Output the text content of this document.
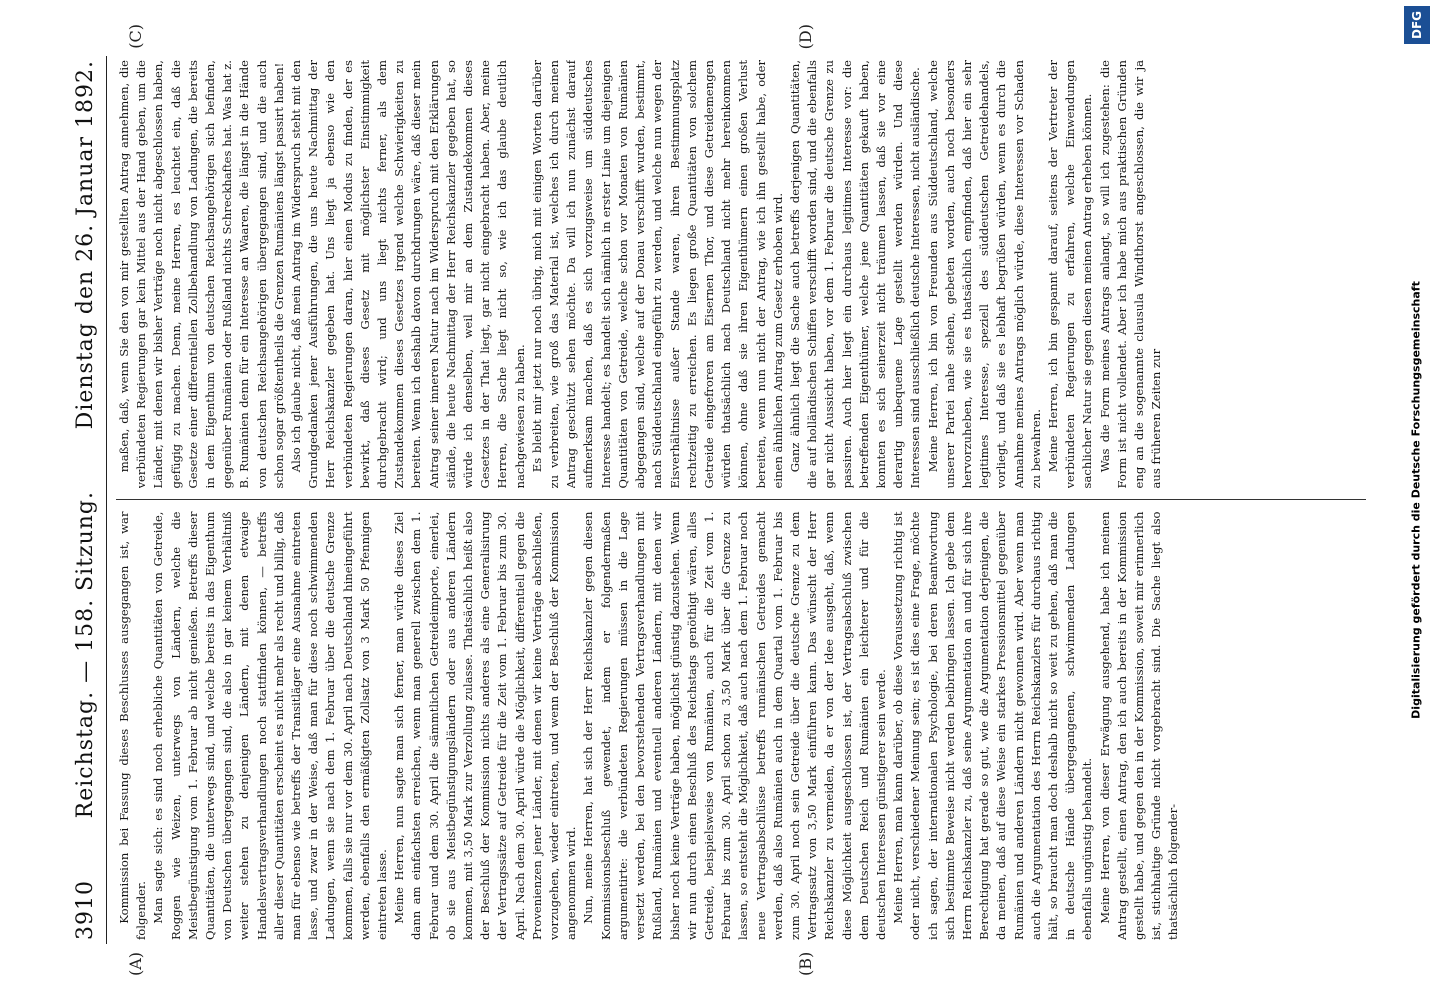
3910
Reichstag. — 158. Sitzung.
Dienstag den 26. Januar 1892.

Kommission bei Fassung dieses Beschlusses ausgegangen ist, war folgender. Man sagte sich: es sind noch erhebliche Quantitäten von Getreide, Roggen wie Weizen, unterwegs von Ländern, welche die Meistbegünstigung vom 1. Februar ab nicht genießen. Betreffs dieser Quantitäten, die unterwegs sind, und welche bereits in das Eigenthum von Deutschen übergegangen sind, die also in gar keinem Verhältniß weiter stehen zu denjenigen Ländern, mit denen etwaige Handelsvertragsverhandlungen noch stattfinden können, — betreffs aller dieser Quantitäten erscheint es nicht mehr als recht und billig, daß man für ebenso wie betreffs der Transitläger eine Ausnahme eintreten lasse, und zwar in der Weise, daß man für diese noch schwimmenden Ladungen, wenn sie nach dem 1. Februar über die deutsche Grenze kommen, falls sie nur vor dem 30. April nach Deutschland hineingeführt werden, ebenfalls den ermäßigten Zollsatz von 3 Mark 50 Pfennigen eintreten lasse. Meine Herren, nun sagte man sich ferner, man würde dieses Ziel dann am einfachsten erreichen, wenn man generell zwischen dem 1. Februar und dem 30. April die sämmtlichen Getreideimporte, einerlei, ob sie aus Meistbegünstigungsländern oder aus anderen Ländern kommen, mit 3,50 Mark zur Verzollung zulasse. Thatsächlich heißt also der Beschluß der Kommission nichts anderes als eine Generalisirung der Vertragssätze auf Getreide für die Zeit vom 1. Februar bis zum 30. April. Nach dem 30. April würde die Möglichkeit, differentiell gegen die Provenienzen jener Länder, mit denen wir keine Verträge abschließen, vorzugehen, wieder eintreten, und wenn der Beschluß der Kommission angenommen wird. Nun, meine Herren, hat sich der Herr Reichskanzler gegen diesen Kommissionsbeschluß gewendet, indem er folgendermaßen argumentirte: die verbündeten Regierungen müssen in die Lage versetzt werden, bei den bevorstehenden Vertragsverhandlungen mit Rußland, Rumänien und eventuell anderen Ländern, mit denen wir bisher noch keine Verträge haben, möglichst günstig dazustehen. Wenn wir nun durch einen Beschluß des Reichstags genöthigt wären, alles Getreide, beispielsweise von Rumänien, auch für die Zeit vom 1. Februar bis zum 30. April schon zu 3,50 Mark über die Grenze zu lassen, so entsteht die Möglichkeit, daß auch nach dem 1. Februar noch neue Vertragsabschlüsse betreffs rumänischen Getreides gemacht werden, daß also Rumänien auch in dem Quartal vom 1. Februar bis zum 30. April noch sein Getreide über die deutsche Grenze zu dem Vertragssatz von 3,50 Mark einführen kann. Das wünscht der Herr Reichskanzler zu vermeiden, da er von der Idee ausgeht, daß, wenn diese Möglichkeit ausgeschlossen ist, der Vertragsabschluß zwischen dem Deutschen Reich und Rumänien ein leichterer und für die deutschen Interessen günstigerer sein werde. Meine Herren, man kann darüber, ob diese Voraussetzung richtig ist oder nicht, verschiedener Meinung sein; es ist dies eine Frage, möchte ich sagen, der internationalen Psychologie, bei deren Beantwortung sich bestimmte Beweise nicht werden beibringen lassen. Ich gebe dem Herrn Reichskanzler zu, daß seine Argumentation an und für sich ihre Berechtigung hat gerade so gut, wie die Argumentation derjenigen, die da meinen, daß auf diese Weise ein starkes Pressionsmittel gegenüber Rumänien und anderen Ländern nicht gewonnen wird. Aber wenn man auch die Argumentation des Herrn Reichskanzlers für durchaus richtig hält, so braucht man doch deshalb nicht so weit zu gehen, daß man die in deutsche Hände übergegangenen, schwimmenden Ladungen ebenfalls ungünstig behandelt. Meine Herren, von dieser Erwägung ausgehend, habe ich meinen Antrag gestellt, einen Antrag, den ich auch bereits in der Kommission gestellt habe, und gegen den in der Kommission, soweit mir erinnerlich ist, stichhaltige Gründe nicht vorgebracht sind. Die Sache liegt also thatsächlich folgender-

maßen, daß, wenn Sie den von mir gestellten Antrag annehmen, die verbündeten Regierungen gar kein Mittel aus der Hand geben, um die Länder, mit denen wir bisher Verträge noch nicht abgeschlossen haben, gefügig zu machen. Denn, meine Herren, es leuchtet ein, daß die Gesetze einer differentiellen Zollbehandlung von Ladungen, die bereits in dem Eigenthum von deutschen Reichsangehörigen sich befinden, gegenüber Rumänien oder Rußland nichts Schreckhaftes hat. Was hat z. B. Rumänien denn für ein Interesse an Waaren, die längst in die Hände von deutschen Reichsangehörigen übergegangen sind, und die auch schon sogar größtentheils die Grenzen Rumäniens längst passirt haben! Also ich glaube nicht, daß mein Antrag im Widerspruch steht mit den Grundgedanken jener Ausführungen, die uns heute Nachmittag der Herr Reichskanzler gegeben hat. Uns liegt ja ebenso wie den verbündeten Regierungen daran, hier einen Modus zu finden, der es bewirkt, daß dieses Gesetz mit möglichster Einstimmigkeit durchgebracht wird; und uns liegt nichts ferner, als dem Zustandekommen dieses Gesetzes irgend welche Schwierigkeiten zu bereiten. Wenn ich deshalb davon durchdrungen wäre, daß dieser mein Antrag seiner inneren Natur nach im Widerspruch mit den Erklärungen stände, die heute Nachmittag der Herr Reichskanzler gegeben hat, so würde ich denselben, weil mir an dem Zustandekommen dieses Gesetzes in der That liegt, gar nicht eingebracht haben. Aber, meine Herren, die Sache liegt nicht so, wie ich das glaube deutlich nachgewiesen zu haben. Es bleibt mir jetzt nur noch übrig, mich mit einigen Worten darüber zu verbreiten, wie groß das Material ist, welches ich durch meinen Antrag geschützt sehen möchte. Da will ich nun zunächst darauf aufmerksam machen, daß es sich vorzugsweise um süddeutsches Interesse handelt; es handelt sich nämlich in erster Linie um diejenigen Quantitäten von Getreide, welche schon vor Monaten von Rumänien abgegangen sind, welche auf der Donau verschifft wurden, bestimmt, nach Süddeutschland eingeführt zu werden, und welche nun wegen der Eisverhältnisse außer Stande waren, ihren Bestimmungsplatz rechtzeitig zu erreichen. Es liegen große Quantitäten von solchem Getreide eingefroren am Eisernen Thor, und diese Getreidemengen würden thatsächlich nach Deutschland nicht mehr hereinkommen können, ohne daß sie ihren Eigenthümern einen großen Verlust bereiten, wenn nun nicht der Antrag, wie ich ihn gestellt habe, oder einen ähnlichen Antrag zum Gesetz erhoben wird. Ganz ähnlich liegt die Sache auch betreffs derjenigen Quantitäten, die auf holländischen Schiffen verschifft worden sind, und die ebenfalls gar nicht Aussicht haben, vor dem 1. Februar die deutsche Grenze zu passiren. Auch hier liegt ein durchaus legitimes Interesse vor: die betreffenden Eigenthümer, welche jene Quantitäten gekauft haben, konnten es sich seinerzeit nicht träumen lassen, daß sie vor eine derartig unbequeme Lage gestellt werden würden. Und diese Interessen sind ausschließlich deutsche Interessen, nicht ausländische. Meine Herren, ich bin von Freunden aus Süddeutschland, welche unserer Partei nahe stehen, gebeten worden, auch noch besonders hervorzuheben, wie sie es thatsächlich empfinden, daß hier ein sehr legitimes Interesse, speziell des süddeutschen Getreidehandels, vorliegt, und daß sie es lebhaft begrüßen würden, wenn es durch die Annahme meines Antrags möglich würde, diese Interessen vor Schaden zu bewahren. Meine Herren, ich bin gespannt darauf, seitens der Vertreter der verbündeten Regierungen zu erfahren, welche Einwendungen sachlicher Natur sie gegen diesen meinen Antrag erheben können. Was die Form meines Antrags anlangt, so will ich zugestehen: die Form ist nicht vollendet. Aber ich habe mich aus praktischen Gründen eng an die sogenannte clausula Windthorst angeschlossen, die wir ja aus früheren Zeiten zur

(A)	(B)
(C)	(D)	DFG
Digitalisierung gefördert durch die Deutsche Forschungsgemeinschaft
